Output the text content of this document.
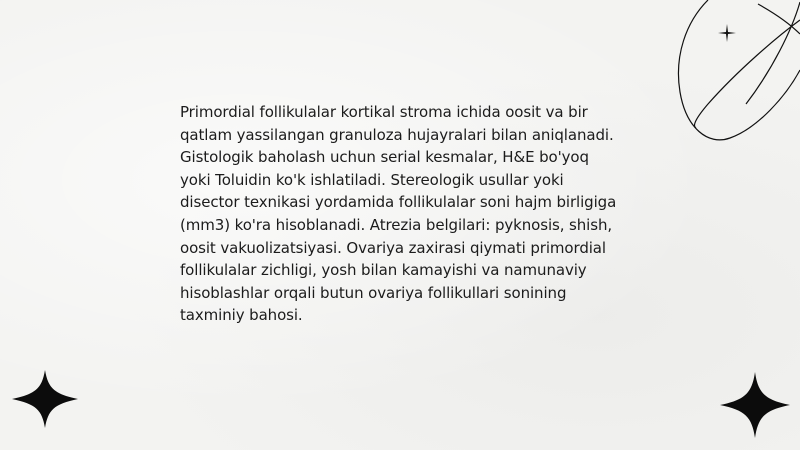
Primordial follikulalar kortikal stroma ichida oosit va bir qatlam yassilangan granuloza hujayralari bilan aniqlanadi. Gistologik baholash uchun serial kesmalar, H&E bo'yoq yoki Toluidin ko'k ishlatiladi. Stereologik usullar yoki disector texnikasi yordamida follikulalar soni hajm birligiga (mm3) ko'ra hisoblanadi. Atrezia belgilari: pyknosis, shish, oosit vakuolizatsiyasi. Ovariya zaxirasi qiymati primordial follikulalar zichligi, yosh bilan kamayishi va namunaviy hisoblashlar orqali butun ovariya follikullari sonining taxminiy bahosi.
